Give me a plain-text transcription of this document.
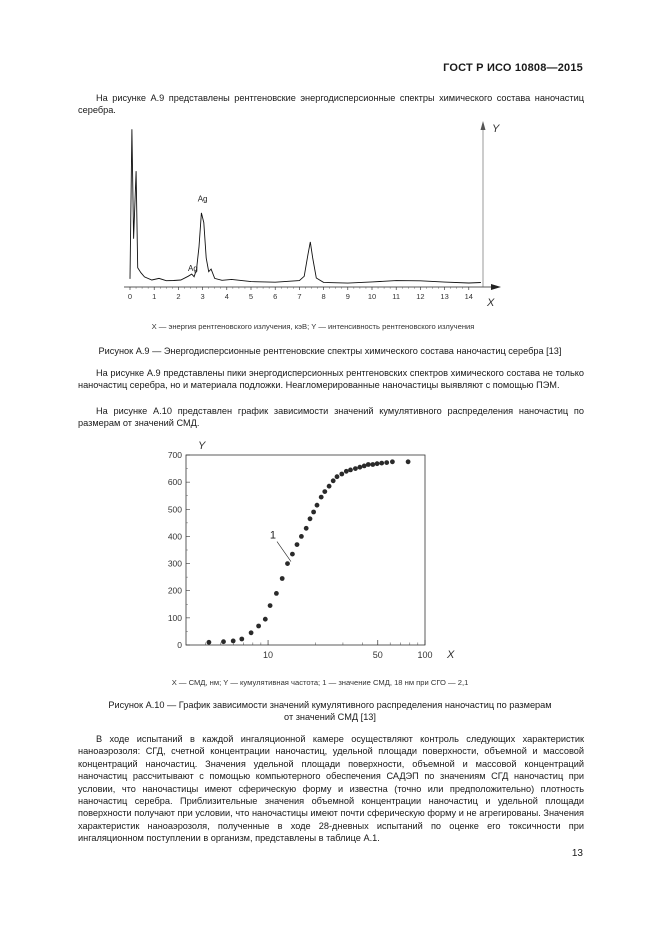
ГОСТ Р ИСО 10808—2015
На рисунке А.9 представлены рентгеновские энергодисперсионные спектры химического состава наночастиц серебра.
Y
X
0	1	2	3	4	5	6	7	8	9 10 11 12 13 14
Ag
Ag
X — энергия рентгеновского излучения, кэВ; Y — интенсивность рентгеновского излучения
Рисунок А.9 — Энергодисперсионные рентгеновские спектры химического состава наночастиц серебра [13]
На рисунке А.9 представлены пики энергодисперсионных рентгеновских спектров химического состава не только наночастиц серебра, но и материала подложки. Неагломерированные наночастицы выявляют с помощью ПЭМ.
На рисунке А.10 представлен график зависимости значений кумулятивного распределения наночастиц по размерам от значений СМД.
0
100
200
300
400
500
600
700
10	50	100
Y
X
1
X — СМД, нм; Y — кумулятивная частота; 1 — значение СМД, 18 нм при СГО — 2,1
Рисунок А.10 — График зависимости значений кумулятивного распределения наночастиц по размерам
от значений СМД [13]
В ходе испытаний в каждой ингаляционной камере осуществляют контроль следующих характеристик наноаэрозоля: СГД, счетной концентрации наночастиц, удельной площади поверхности, объемной и массовой концентраций наночастиц. Значения удельной площади поверхности, объемной и массовой концентраций наночастиц рассчитывают с помощью компьютерного обеспечения САДЭП по значениям СГД наночастиц при условии, что наночастицы имеют сферическую форму и известна (точно или предположительно) плотность наночастиц серебра. Приблизительные значения объемной концентрации наночастиц и удельной площади поверхности получают при условии, что наночастицы имеют почти сферическую форму и не агрегированы. Значения характеристик наноаэрозоля, полученные в ходе 28-дневных испытаний по оценке его токсичности при ингаляционном поступлении в организм, представлены в таблице А.1.
13
